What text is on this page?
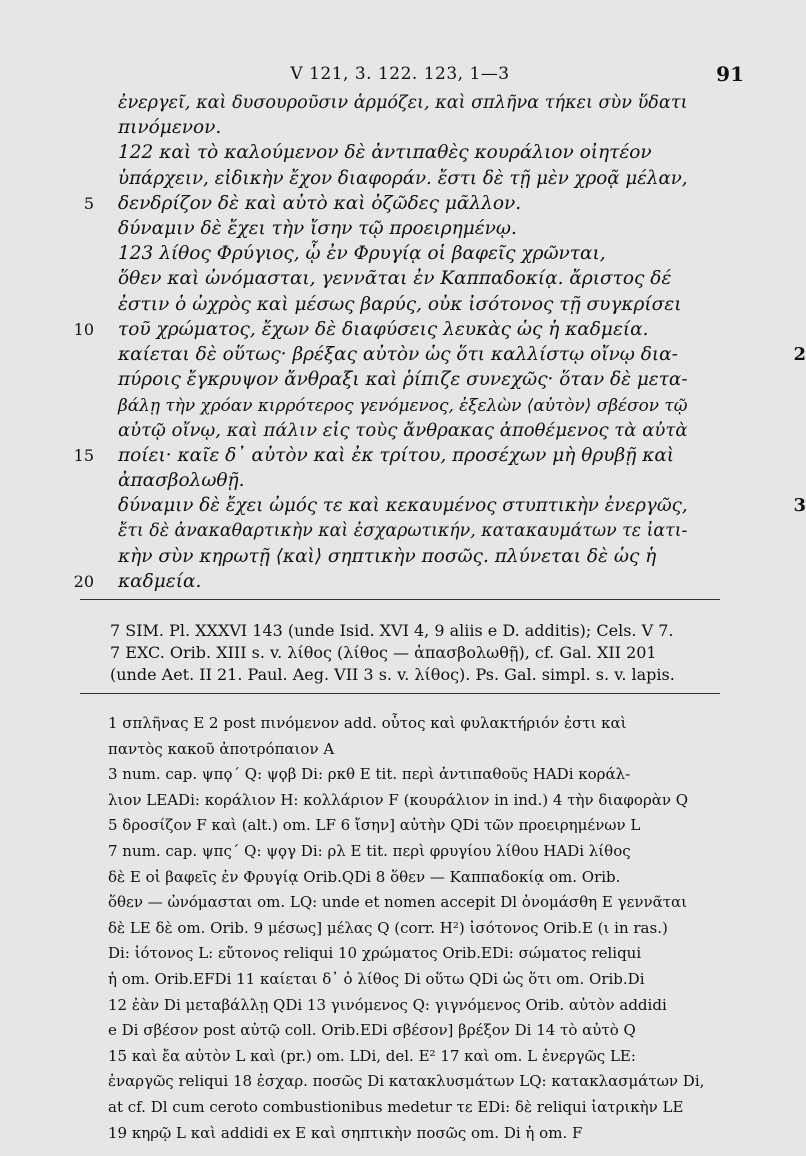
V 121, 3. 122. 123, 1—3	91
ἐνεργεῖ, καὶ δυσουροῦσιν ἁρμόζει, καὶ σπλῆνα τήκει σὺν ὕδατι
πινόμενον.
122 καὶ τὸ καλούμενον δὲ ἀντιπαθὲς κουράλιον οἰητέον
ὑπάρχειν, εἰδικὴν ἔχον διαφοράν. ἔστι δὲ τῇ μὲν χροᾷ μέλαν,
5 δενδρίζον δὲ καὶ αὐτὸ καὶ ὀζῶδες μᾶλλον.
δύναμιν δὲ ἔχει τὴν ἴσην τῷ προειρημένῳ.
123 λίθος Φρύγιος, ᾧ ἐν Φρυγίᾳ οἱ βαφεῖς χρῶνται,
ὅθεν καὶ ὠνόμασται, γεννᾶται ἐν Καππαδοκίᾳ. ἄριστος δέ
ἐστιν ὁ ὠχρὸς καὶ μέσως βαρύς, οὐκ ἰσότονος τῇ συγκρίσει
10 τοῦ χρώματος, ἔχων δὲ διαφύσεις λευκὰς ὡς ἡ καδμεία.
καίεται δὲ οὕτως· βρέξας αὐτὸν ὡς ὅτι καλλίστῳ οἴνῳ δια-	2
πύροις ἔγκρυψον ἄνθραξι καὶ ῥίπιζε συνεχῶς· ὅταν δὲ μετα-
βάλῃ τὴν χρόαν κιρρότερος γενόμενος, ἐξελὼν ⟨αὐτὸν⟩ σβέσον τῷ
αὐτῷ οἴνῳ, καὶ πάλιν εἰς τοὺς ἄνθρακας ἀποθέμενος τὰ αὐτὰ
15 ποίει· καῖε δ᾽ αὐτὸν καὶ ἐκ τρίτου, προσέχων μὴ θρυβῇ καὶ
ἀπασβολωθῇ.
δύναμιν δὲ ἔχει ὠμός τε καὶ κεκαυμένος στυπτικὴν ἐνεργῶς,	3
ἔτι δὲ ἀνακαθαρτικὴν καὶ ἐσχαρωτικήν, κατακαυμάτων τε ἰατι-
κὴν σὺν κηρωτῇ ⟨καὶ⟩ σηπτικὴν ποσῶς. πλύνεται δὲ ὡς ἡ
20 καδμεία.
7 SIM. Pl. XXXVI 143 (unde Isid. XVI 4, 9 aliis e D. additis); Cels. V 7.
7 EXC. Orib. XIII s. v. λίθος (λίθος — ἀπασβολωθῇ), cf. Gal. XII 201
(unde Aet. II 21. Paul. Aeg. VII 3 s. v. λίθος). Ps. Gal. simpl. s. v. lapis.
1 σπλῆνας E 2 post πινόμενον add. οὗτος καὶ φυλακτήριόν ἐστι καὶ
παντὸς κακοῦ ἀποτρόπαιον A
3 num. cap. ψπϙ´ Q: ψϙβ Di: ρκθ E tit. περὶ ἀντιπαθοῦς HADi κοράλ-
λιον LEADi: κοράλιον H: κολλάριον F (κουράλιον in ind.) 4 τὴν διαφορὰν Q
5 δροσίζον F καὶ (alt.) om. LF 6 ἴσην] αὐτὴν QDi τῶν προειρημένων L
7 num. cap. ψπς´ Q: ψϙγ Di: ρλ E tit. περὶ φρυγίου λίθου HADi λίθος
δὲ E οἱ βαφεῖς ἐν Φρυγίᾳ Orib.QDi 8 ὅθεν — Καππαδοκίᾳ om. Orib.
ὅθεν — ὠνόμασται om. LQ: unde et nomen accepit Dl ὀνομάσθη E γεννᾶται
δὲ LE δὲ om. Orib. 9 μέσως] μέλας Q (corr. H²) ἰσότονος Orib.E (ι in ras.)
Di: ἰότονος L: εὔτονος reliqui 10 χρώματος Orib.EDi: σώματος reliqui
ἡ om. Orib.EFDi 11 καίεται δ᾽ ὁ λίθος Di οὕτω QDi ὡς ὅτι om. Orib.Di
12 ἐὰν Di μεταβάλλῃ QDi 13 γινόμενος Q: γιγνόμενος Orib. αὐτὸν addidi
e Di σβέσον post αὐτῷ coll. Orib.EDi σβέσον] βρέξον Di 14 τὸ αὐτὸ Q
15 καὶ ἔα αὐτὸν L καὶ (pr.) om. LDi, del. E² 17 καὶ om. L ἐνεργῶς LE:
ἐναργῶς reliqui 18 ἐσχαρ. ποσῶς Di κατακλυσμάτων LQ: κατακλασμάτων Di,
at cf. Dl cum ceroto combustionibus medetur τε EDi: δὲ reliqui ἰατρικὴν LE
19 κηρῷ L καὶ addidi ex E καὶ σηπτικὴν ποσῶς om. Di ἡ om. F
